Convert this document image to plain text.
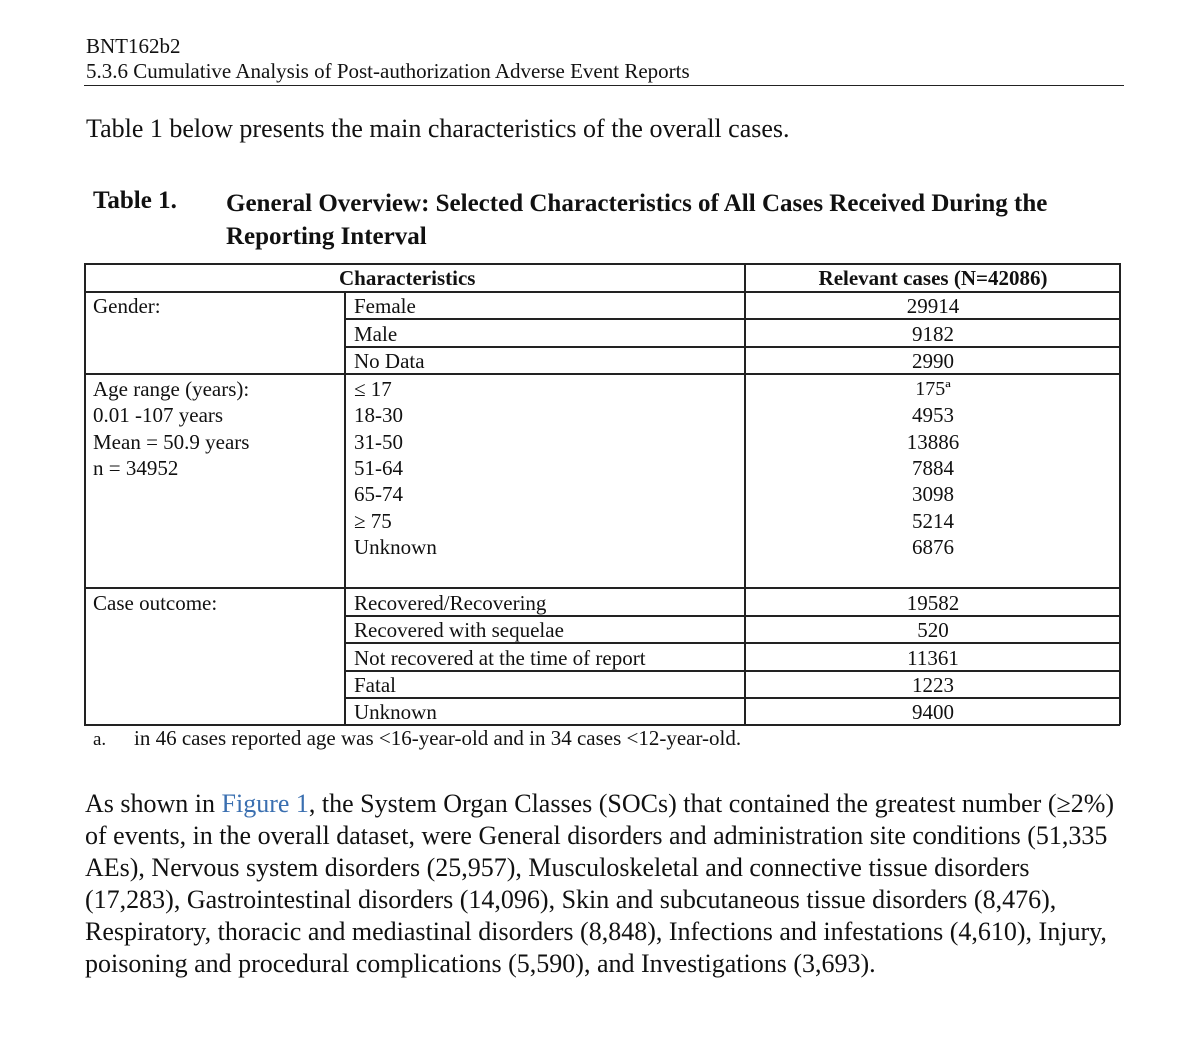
BNT162b2
5.3.6 Cumulative Analysis of Post-authorization Adverse Event Reports
Table 1 below presents the main characteristics of the overall cases.
Table 1. General Overview: Selected Characteristics of All Cases Received During the Reporting Interval
Characteristics	Relevant cases (N=42086)
Gender:	Female	29914
Male	9182
No Data	2990
Age range (years):
0.01 -107 years
Mean = 50.9 years
n = 34952
≤ 17	175ª
18-30	4953
31-50	13886
51-64	7884
65-74	3098
≥ 75	5214
Unknown	6876
Case outcome:	Recovered/Recovering	19582
Recovered with sequelae	520
Not recovered at the time of report	11361
Fatal	1223
Unknown	9400
a. in 46 cases reported age was <16-year-old and in 34 cases <12-year-old.

As shown in Figure 1, the System Organ Classes (SOCs) that contained the greatest number (≥2%) of events, in the overall dataset, were General disorders and administration site conditions (51,335 AEs), Nervous system disorders (25,957), Musculoskeletal and connective tissue disorders (17,283), Gastrointestinal disorders (14,096), Skin and subcutaneous tissue disorders (8,476), Respiratory, thoracic and mediastinal disorders (8,848), Infections and infestations (4,610), Injury, poisoning and procedural complications (5,590), and Investigations (3,693).
